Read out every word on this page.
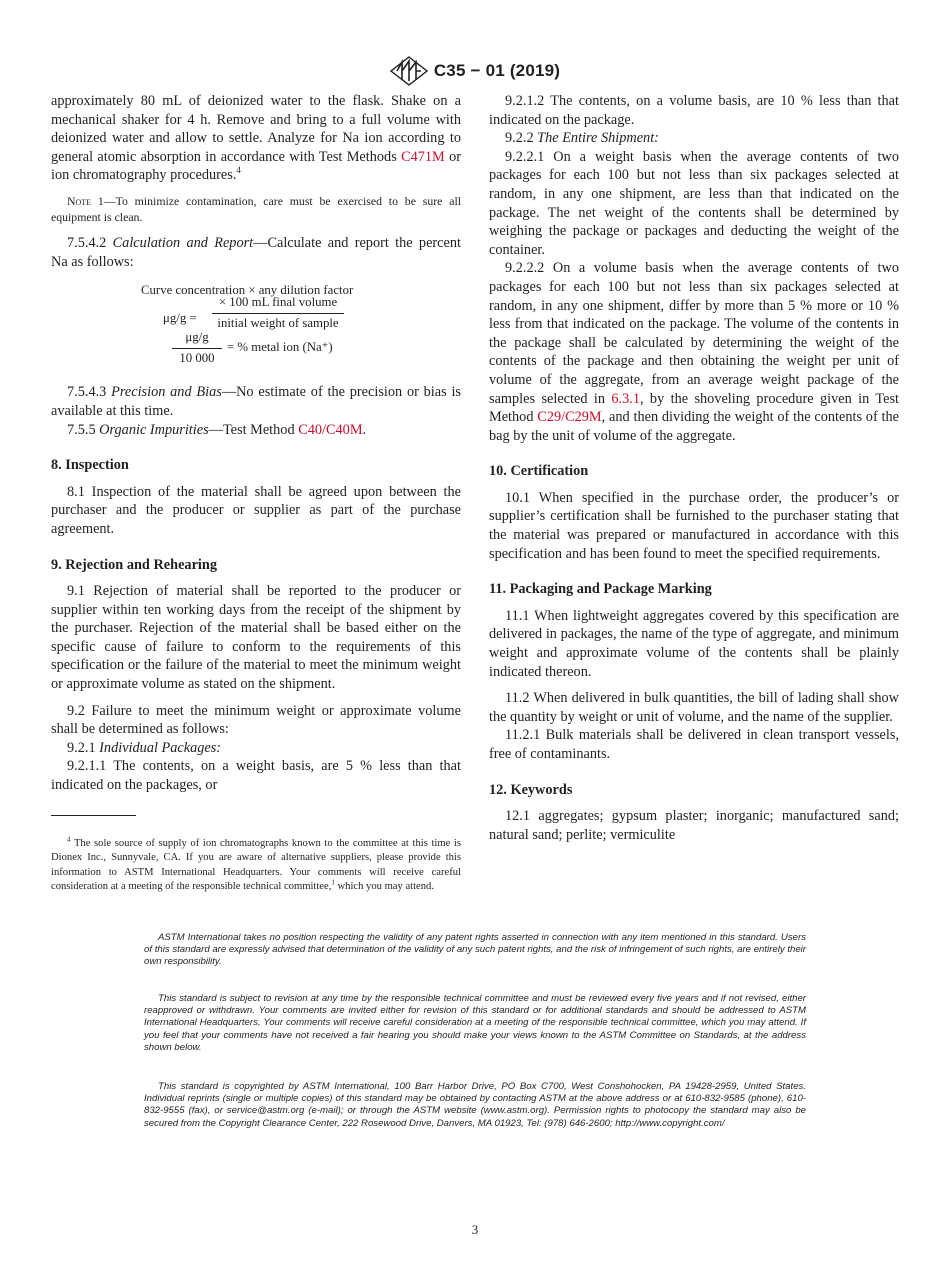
C35 − 01 (2019)

approximately 80 mL of deionized water to the flask. Shake on a mechanical shaker for 4 h. Remove and bring to a full volume with deionized water and allow to settle. Analyze for Na ion according to general atomic absorption in accordance with Test Methods C471M or ion chromatography procedures.$^4$

Note 1—To minimize contamination, care must be exercised to be sure all equipment is clean.

7.5.4.2 Calculation and Report—Calculate and report the percent Na as follows:

Curve concentration × any dilution factor
μg/g =
× 100 mL final volume
initial weight of sample
$\frac{\mu g/g}{10 000}$ = % metal ion (Na⁺)

7.5.4.3 Precision and Bias—No estimate of the precision or bias is available at this time.

7.5.5 Organic Impurities—Test Method C40/C40M.

8. Inspection

8.1 Inspection of the material shall be agreed upon between the purchaser and the producer or supplier as part of the purchase agreement.

9. Rejection and Rehearing

9.1 Rejection of material shall be reported to the producer or supplier within ten working days from the receipt of the shipment by the purchaser. Rejection of the material shall be based either on the specific cause of failure to conform to the requirements of this specification or the failure of the material to meet the minimum weight or approximate volume as stated on the shipment.

9.2 Failure to meet the minimum weight or approximate volume shall be determined as follows:

9.2.1 Individual Packages:

9.2.1.1 The contents, on a weight basis, are 5 % less than that indicated on the packages, or

$^4$ The sole source of supply of ion chromatographs known to the committee at this time is Dionex Inc., Sunnyvale, CA. If you are aware of alternative suppliers, please provide this information to ASTM International Headquarters. Your comments will receive careful consideration at a meeting of the responsible technical committee,$^1$ which you may attend.

9.2.1.2 The contents, on a volume basis, are 10 % less than that indicated on the package.

9.2.2 The Entire Shipment:

9.2.2.1 On a weight basis when the average contents of two packages for each 100 but not less than six packages selected at random, in any one shipment, are less than that indicated on the package. The net weight of the contents shall be determined by weighing the package or packages and deducting the weight of the container.

9.2.2.2 On a volume basis when the average contents of two packages for each 100 but not less than six packages selected at random, in any one shipment, differ by more than 5 % more or 10 % less from that indicated on the package. The volume of the contents in the package shall be calculated by determining the weight of the contents of the package and then obtaining the weight per unit of volume of the aggregate, from an average weight package of the samples selected in 6.3.1, by the shoveling procedure given in Test Method C29/C29M, and then dividing the weight of the contents of the bag by the unit of volume of the aggregate.

10. Certification

10.1 When specified in the purchase order, the producer’s or supplier’s certification shall be furnished to the purchaser stating that the material was prepared or manufactured in accordance with this specification and has been found to meet the specified requirements.

11. Packaging and Package Marking

11.1 When lightweight aggregates covered by this specification are delivered in packages, the name of the type of aggregate, and minimum weight and approximate volume of the contents shall be plainly indicated thereon.

11.2 When delivered in bulk quantities, the bill of lading shall show the quantity by weight or unit of volume, and the name of the supplier.

11.2.1 Bulk materials shall be delivered in clean transport vessels, free of contaminants.

12. Keywords

12.1 aggregates; gypsum plaster; inorganic; manufactured sand; natural sand; perlite; vermiculite

ASTM International takes no position respecting the validity of any patent rights asserted in connection with any item mentioned in this standard. Users of this standard are expressly advised that determination of the validity of any such patent rights, and the risk of infringement of such rights, are entirely their own responsibility.

This standard is subject to revision at any time by the responsible technical committee and must be reviewed every five years and if not revised, either reapproved or withdrawn. Your comments are invited either for revision of this standard or for additional standards and should be addressed to ASTM International Headquarters. Your comments will receive careful consideration at a meeting of the responsible technical committee, which you may attend. If you feel that your comments have not received a fair hearing you should make your views known to the ASTM Committee on Standards, at the address shown below.

This standard is copyrighted by ASTM International, 100 Barr Harbor Drive, PO Box C700, West Conshohocken, PA 19428-2959, United States. Individual reprints (single or multiple copies) of this standard may be obtained by contacting ASTM at the above address or at 610-832-9585 (phone), 610-832-9555 (fax), or service@astm.org (e-mail); or through the ASTM website (www.astm.org). Permission rights to photocopy the standard may also be secured from the Copyright Clearance Center, 222 Rosewood Drive, Danvers, MA 01923, Tel: (978) 646-2600; http://www.copyright.com/

3
